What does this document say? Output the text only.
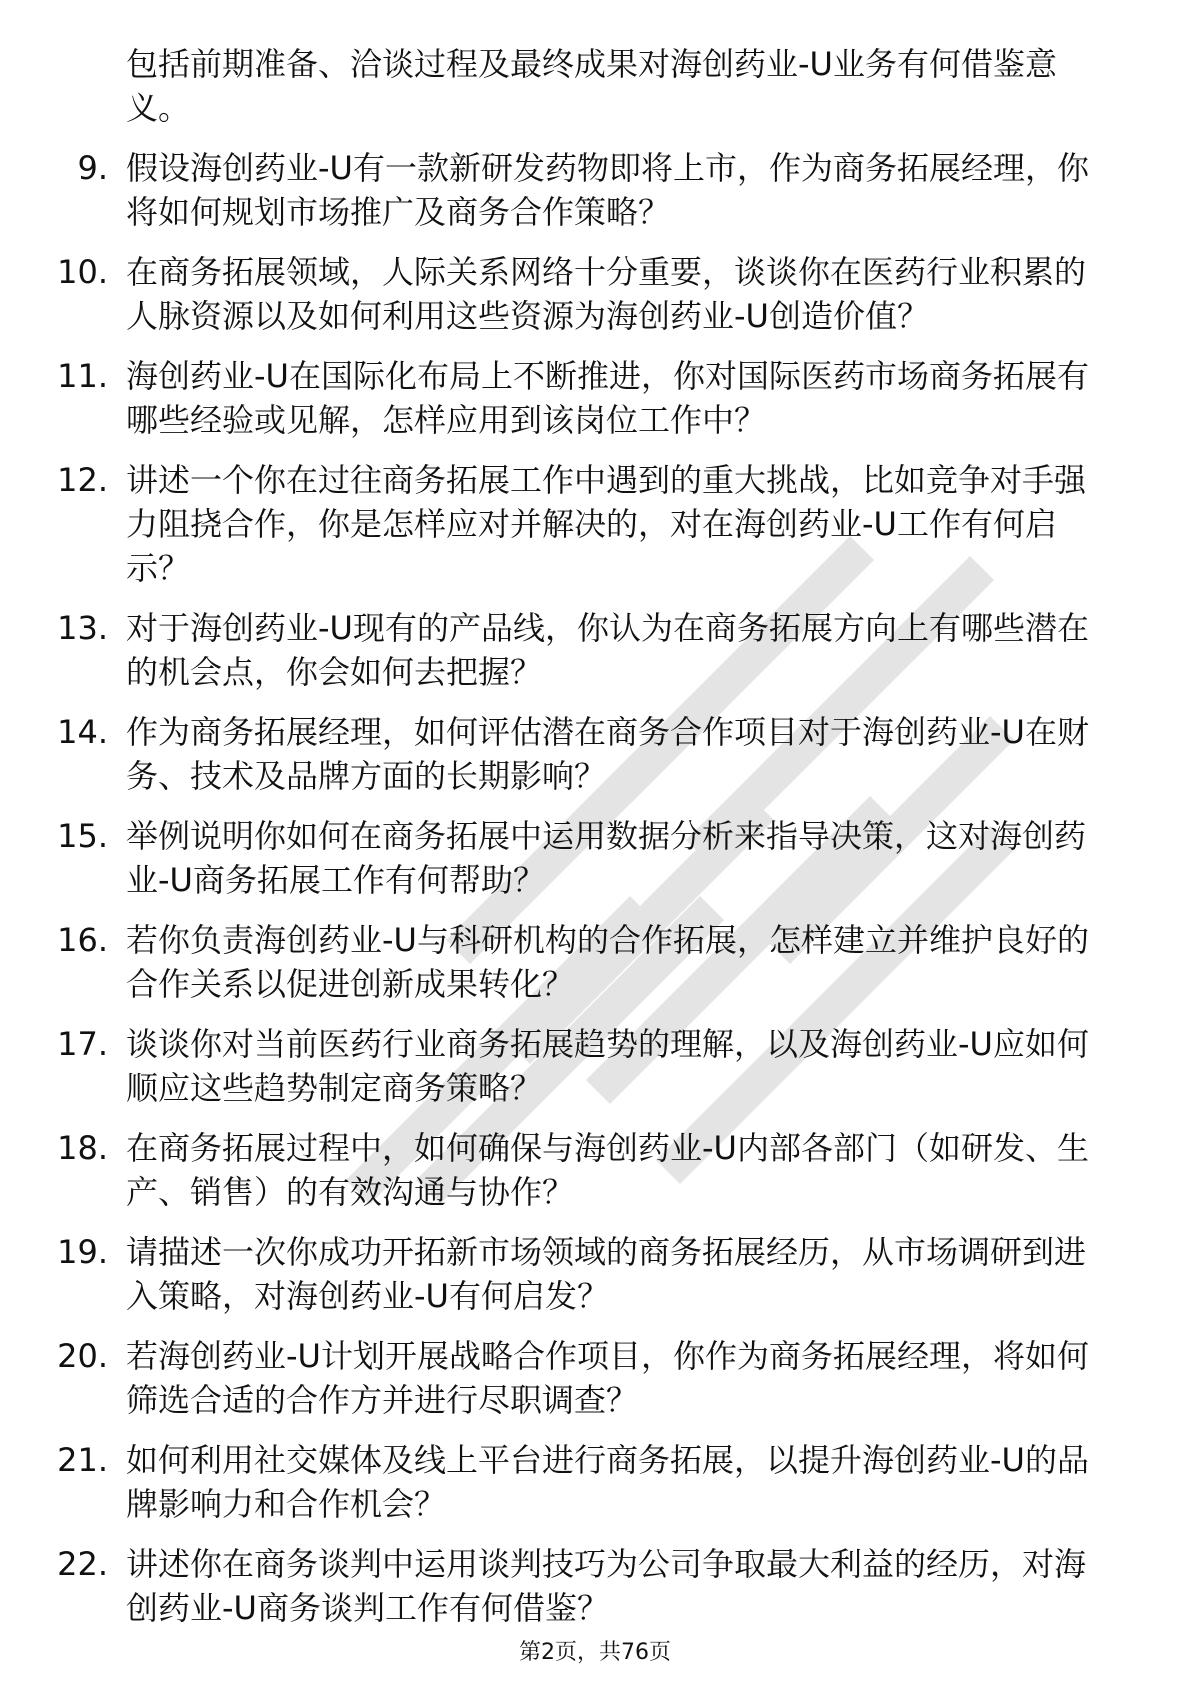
包括前期准备、洽谈过程及最终成果对海创药业-U业务有何借鉴意义。
9. 假设海创药业-U有一款新研发药物即将上市，作为商务拓展经理，你将如何规划市场推广及商务合作策略？
10. 在商务拓展领域，人际关系网络十分重要，谈谈你在医药行业积累的人脉资源以及如何利用这些资源为海创药业-U创造价值？
11. 海创药业-U在国际化布局上不断推进，你对国际医药市场商务拓展有哪些经验或见解，怎样应用到该岗位工作中？
12. 讲述一个你在过往商务拓展工作中遇到的重大挑战，比如竞争对手强力阻挠合作，你是怎样应对并解决的，对在海创药业-U工作有何启示？
13. 对于海创药业-U现有的产品线，你认为在商务拓展方向上有哪些潜在的机会点，你会如何去把握？
14. 作为商务拓展经理，如何评估潜在商务合作项目对于海创药业-U在财务、技术及品牌方面的长期影响？
15. 举例说明你如何在商务拓展中运用数据分析来指导决策，这对海创药业-U商务拓展工作有何帮助？
16. 若你负责海创药业-U与科研机构的合作拓展，怎样建立并维护良好的合作关系以促进创新成果转化？
17. 谈谈你对当前医药行业商务拓展趋势的理解，以及海创药业-U应如何顺应这些趋势制定商务策略？
18. 在商务拓展过程中，如何确保与海创药业-U内部各部门（如研发、生产、销售）的有效沟通与协作？
19. 请描述一次你成功开拓新市场领域的商务拓展经历，从市场调研到进入策略，对海创药业-U有何启发？
20. 若海创药业-U计划开展战略合作项目，你作为商务拓展经理，将如何筛选合适的合作方并进行尽职调查？
21. 如何利用社交媒体及线上平台进行商务拓展，以提升海创药业-U的品牌影响力和合作机会？
22. 讲述你在商务谈判中运用谈判技巧为公司争取最大利益的经历，对海创药业-U商务谈判工作有何借鉴？
第2页，共76页
